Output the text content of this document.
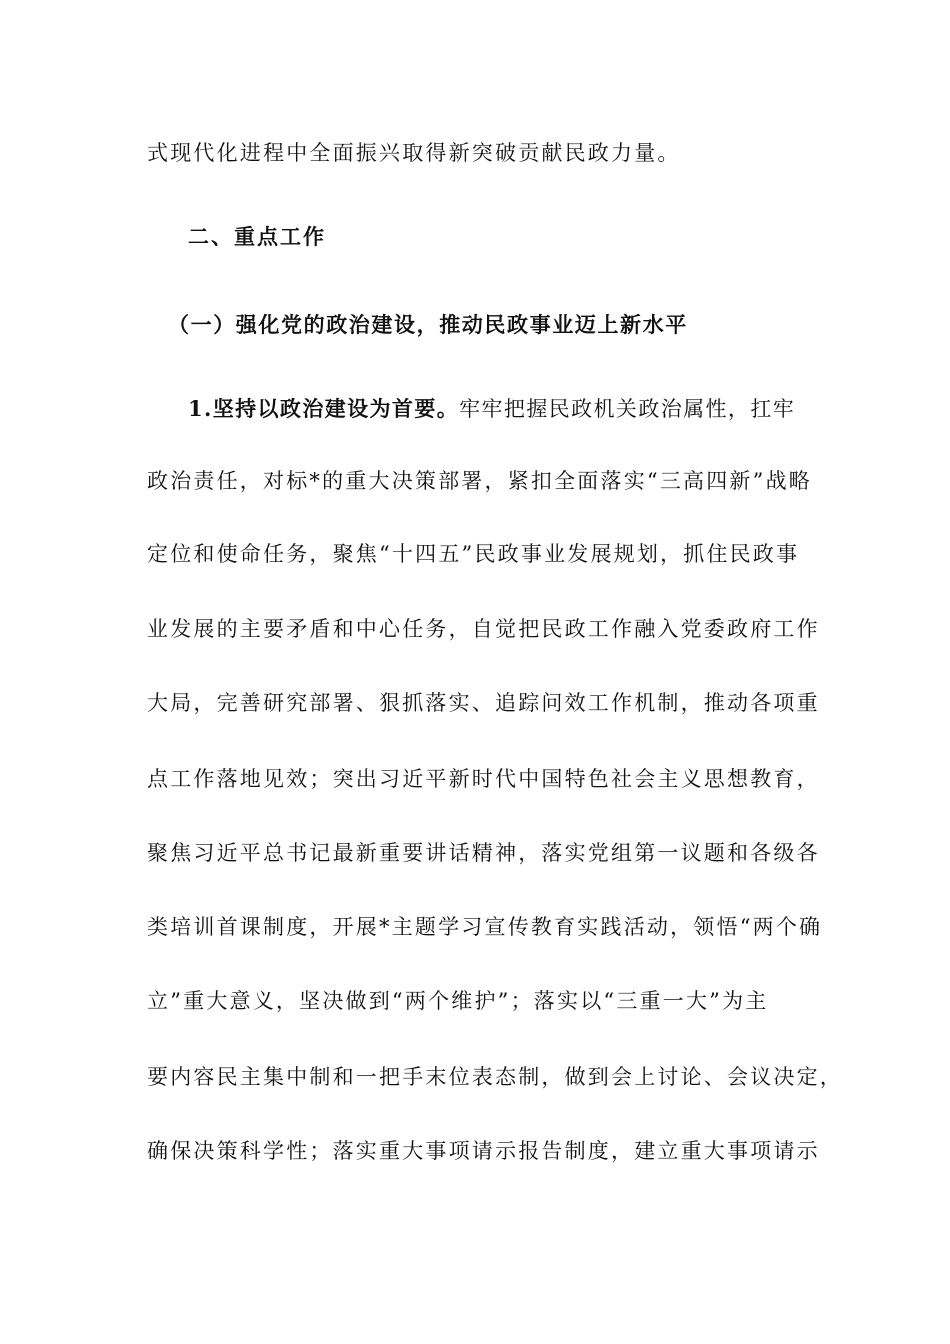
式现代化进程中全面振兴取得新突破贡献民政力量。
二、重点工作
（一）强化党的政治建设，推动民政事业迈上新水平
1.坚持以政治建设为首要。牢牢把握民政机关政治属性，扛牢
政治责任，对标*的重大决策部署，紧扣全面落实“三高四新”战略
定位和使命任务，聚焦“十四五”民政事业发展规划，抓住民政事
业发展的主要矛盾和中心任务，自觉把民政工作融入党委政府工作
大局，完善研究部署、狠抓落实、追踪问效工作机制，推动各项重
点工作落地见效；突出习近平新时代中国特色社会主义思想教育，
聚焦习近平总书记最新重要讲话精神，落实党组第一议题和各级各
类培训首课制度，开展*主题学习宣传教育实践活动，领悟“两个确
立”重大意义，坚决做到“两个维护”；落实以“三重一大”为主
要内容民主集中制和一把手末位表态制，做到会上讨论、会议决定，
确保决策科学性；落实重大事项请示报告制度，建立重大事项请示
